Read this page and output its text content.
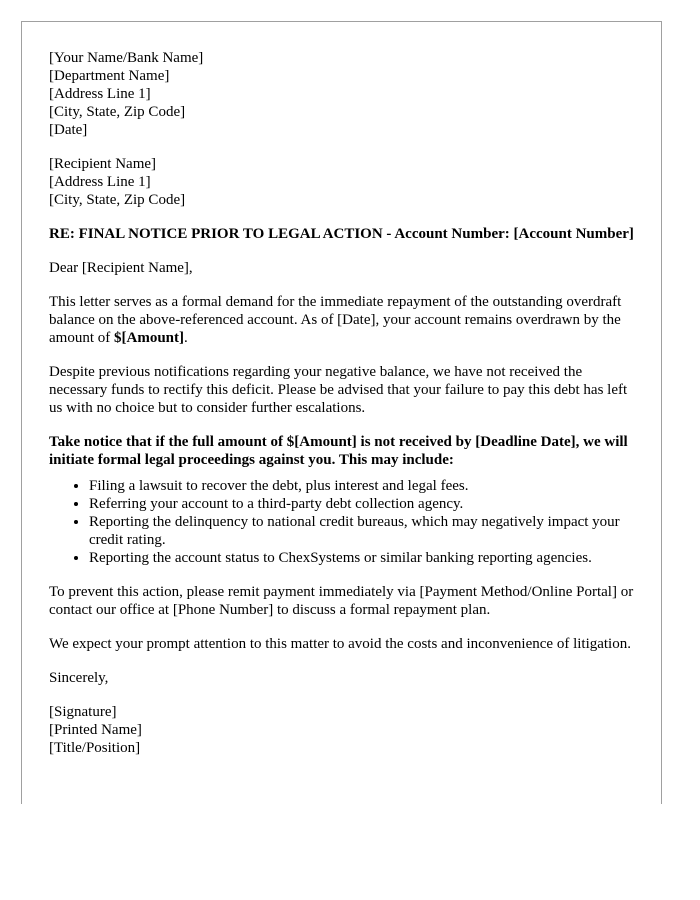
[Your Name/Bank Name]
[Department Name]
[Address Line 1]
[City, State, Zip Code]
[Date]
[Recipient Name]
[Address Line 1]
[City, State, Zip Code]

RE: FINAL NOTICE PRIOR TO LEGAL ACTION - Account Number: [Account Number]

Dear [Recipient Name],

This letter serves as a formal demand for the immediate repayment of the outstanding overdraft balance on the above-referenced account. As of [Date], your account remains overdrawn by the amount of $[Amount].

Despite previous notifications regarding your negative balance, we have not received the necessary funds to rectify this deficit. Please be advised that your failure to pay this debt has left us with no choice but to consider further escalations.

Take notice that if the full amount of $[Amount] is not received by [Deadline Date], we will initiate formal legal proceedings against you. This may include:

• Filing a lawsuit to recover the debt, plus interest and legal fees.
• Referring your account to a third-party debt collection agency.
• Reporting the delinquency to national credit bureaus, which may negatively impact your credit rating.
• Reporting the account status to ChexSystems or similar banking reporting agencies.

To prevent this action, please remit payment immediately via [Payment Method/Online Portal] or contact our office at [Phone Number] to discuss a formal repayment plan.

We expect your prompt attention to this matter to avoid the costs and inconvenience of litigation.

Sincerely,

[Signature]
[Printed Name]
[Title/Position]
